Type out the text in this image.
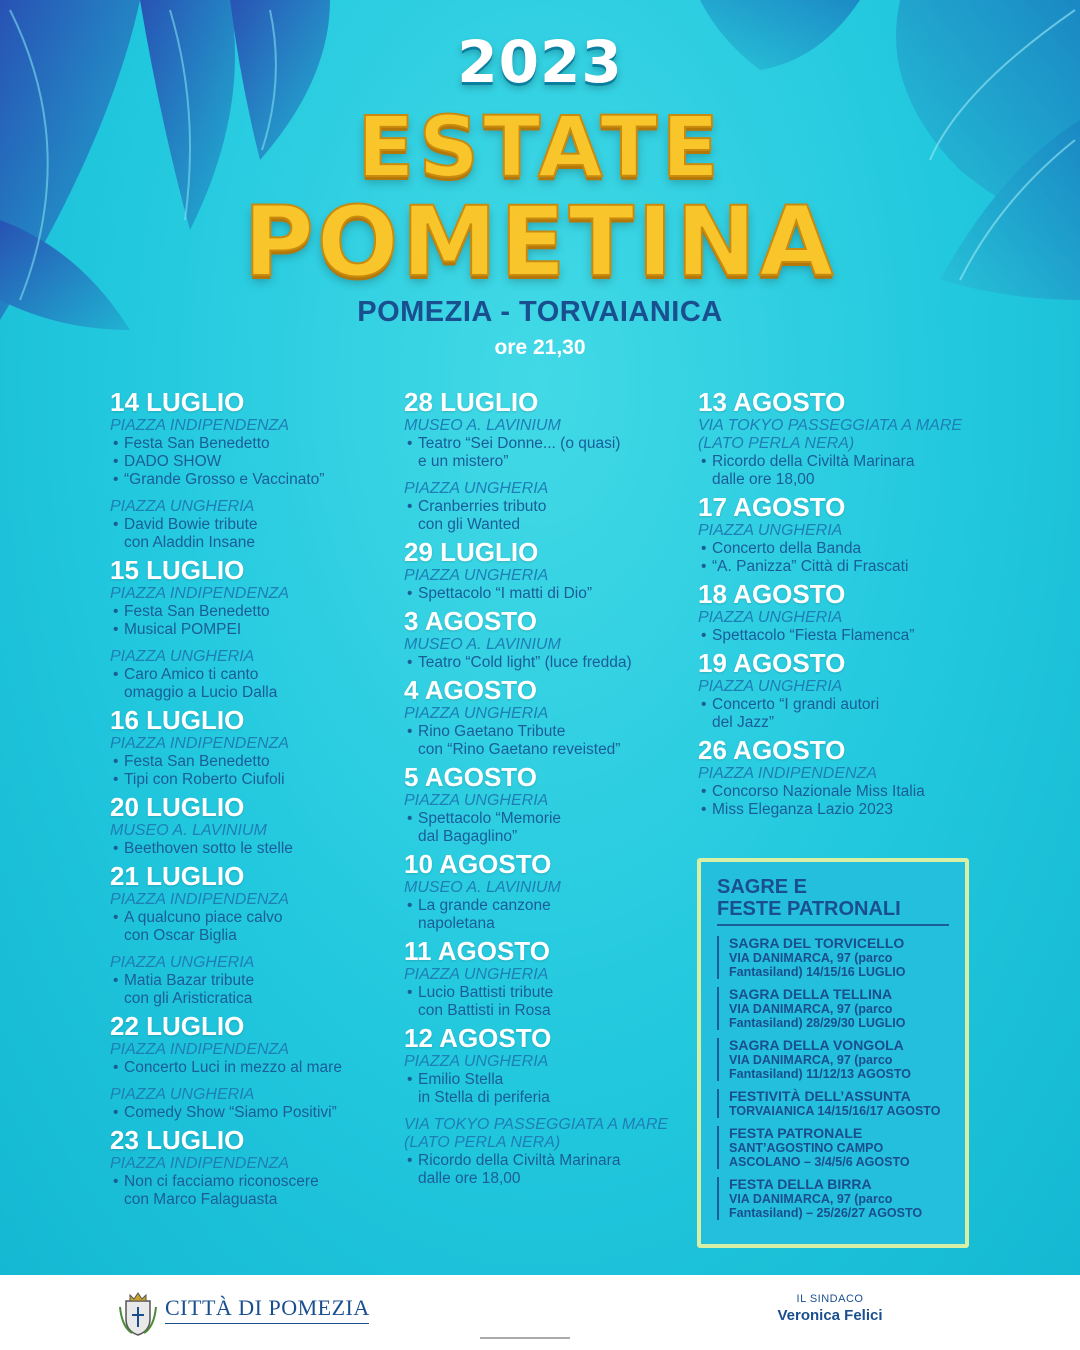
2023
ESTATE
POMETINA
POMEZIA - TORVAIANICA
ore 21,30
14 LUGLIO
PIAZZA INDIPENDENZA
• Festa San Benedetto
• DADO SHOW
• “Grande Grosso e Vaccinato”
PIAZZA UNGHERIA
• David Bowie tribute
con Aladdin Insane
15 LUGLIO
PIAZZA INDIPENDENZA
• Festa San Benedetto
• Musical POMPEI
PIAZZA UNGHERIA
• Caro Amico ti canto
omaggio a Lucio Dalla
16 LUGLIO
PIAZZA INDIPENDENZA
• Festa San Benedetto
• Tipi con Roberto Ciufoli
20 LUGLIO
MUSEO A. LAVINIUM
• Beethoven sotto le stelle
21 LUGLIO
PIAZZA INDIPENDENZA
• A qualcuno piace calvo
con Oscar Biglia
PIAZZA UNGHERIA
• Matia Bazar tribute
con gli Aristicratica
22 LUGLIO
PIAZZA INDIPENDENZA
• Concerto Luci in mezzo al mare
PIAZZA UNGHERIA
• Comedy Show “Siamo Positivi”
23 LUGLIO
PIAZZA INDIPENDENZA
• Non ci facciamo riconoscere
con Marco Falaguasta
28 LUGLIO
MUSEO A. LAVINIUM
• Teatro “Sei Donne... (o quasi)
e un mistero”
PIAZZA UNGHERIA
• Cranberries tributo
con gli Wanted
29 LUGLIO
PIAZZA UNGHERIA
• Spettacolo “I matti di Dio”
3 AGOSTO
MUSEO A. LAVINIUM
• Teatro “Cold light” (luce fredda)
4 AGOSTO
PIAZZA UNGHERIA
• Rino Gaetano Tribute
con “Rino Gaetano reveisted”
5 AGOSTO
PIAZZA UNGHERIA
• Spettacolo “Memorie
dal Bagaglino”
10 AGOSTO
MUSEO A. LAVINIUM
• La grande canzone
napoletana
11 AGOSTO
PIAZZA UNGHERIA
• Lucio Battisti tribute
con Battisti in Rosa
12 AGOSTO
PIAZZA UNGHERIA
• Emilio Stella
in Stella di periferia
VIA TOKYO PASSEGGIATA A MARE (LATO PERLA NERA)
• Ricordo della Civiltà Marinara
dalle ore 18,00
13 AGOSTO
VIA TOKYO PASSEGGIATA A MARE (LATO PERLA NERA)
• Ricordo della Civiltà Marinara
dalle ore 18,00
17 AGOSTO
PIAZZA UNGHERIA
• Concerto della Banda
• “A. Panizza” Città di Frascati
18 AGOSTO
PIAZZA UNGHERIA
• Spettacolo “Fiesta Flamenca”
19 AGOSTO
PIAZZA UNGHERIA
• Concerto “I grandi autori
del Jazz”
26 AGOSTO
PIAZZA INDIPENDENZA
• Concorso Nazionale Miss Italia
• Miss Eleganza Lazio 2023
SAGRE E
FESTE PATRONALI
SAGRA DEL TORVICELLO
VIA DANIMARCA, 97 (parco Fantasiland) 14/15/16 LUGLIO
SAGRA DELLA TELLINA
VIA DANIMARCA, 97 (parco Fantasiland) 28/29/30 LUGLIO
SAGRA DELLA VONGOLA
VIA DANIMARCA, 97 (parco Fantasiland) 11/12/13 AGOSTO
FESTIVITÀ DELL’ASSUNTA
TORVAIANICA 14/15/16/17 AGOSTO
FESTA PATRONALE
SANT’AGOSTINO CAMPO ASCOLANO – 3/4/5/6 AGOSTO
FESTA DELLA BIRRA
VIA DANIMARCA, 97 (parco Fantasiland) – 25/26/27 AGOSTO
CITTÀ DI POMEZIA	IL SINDACO
Veronica Felici
